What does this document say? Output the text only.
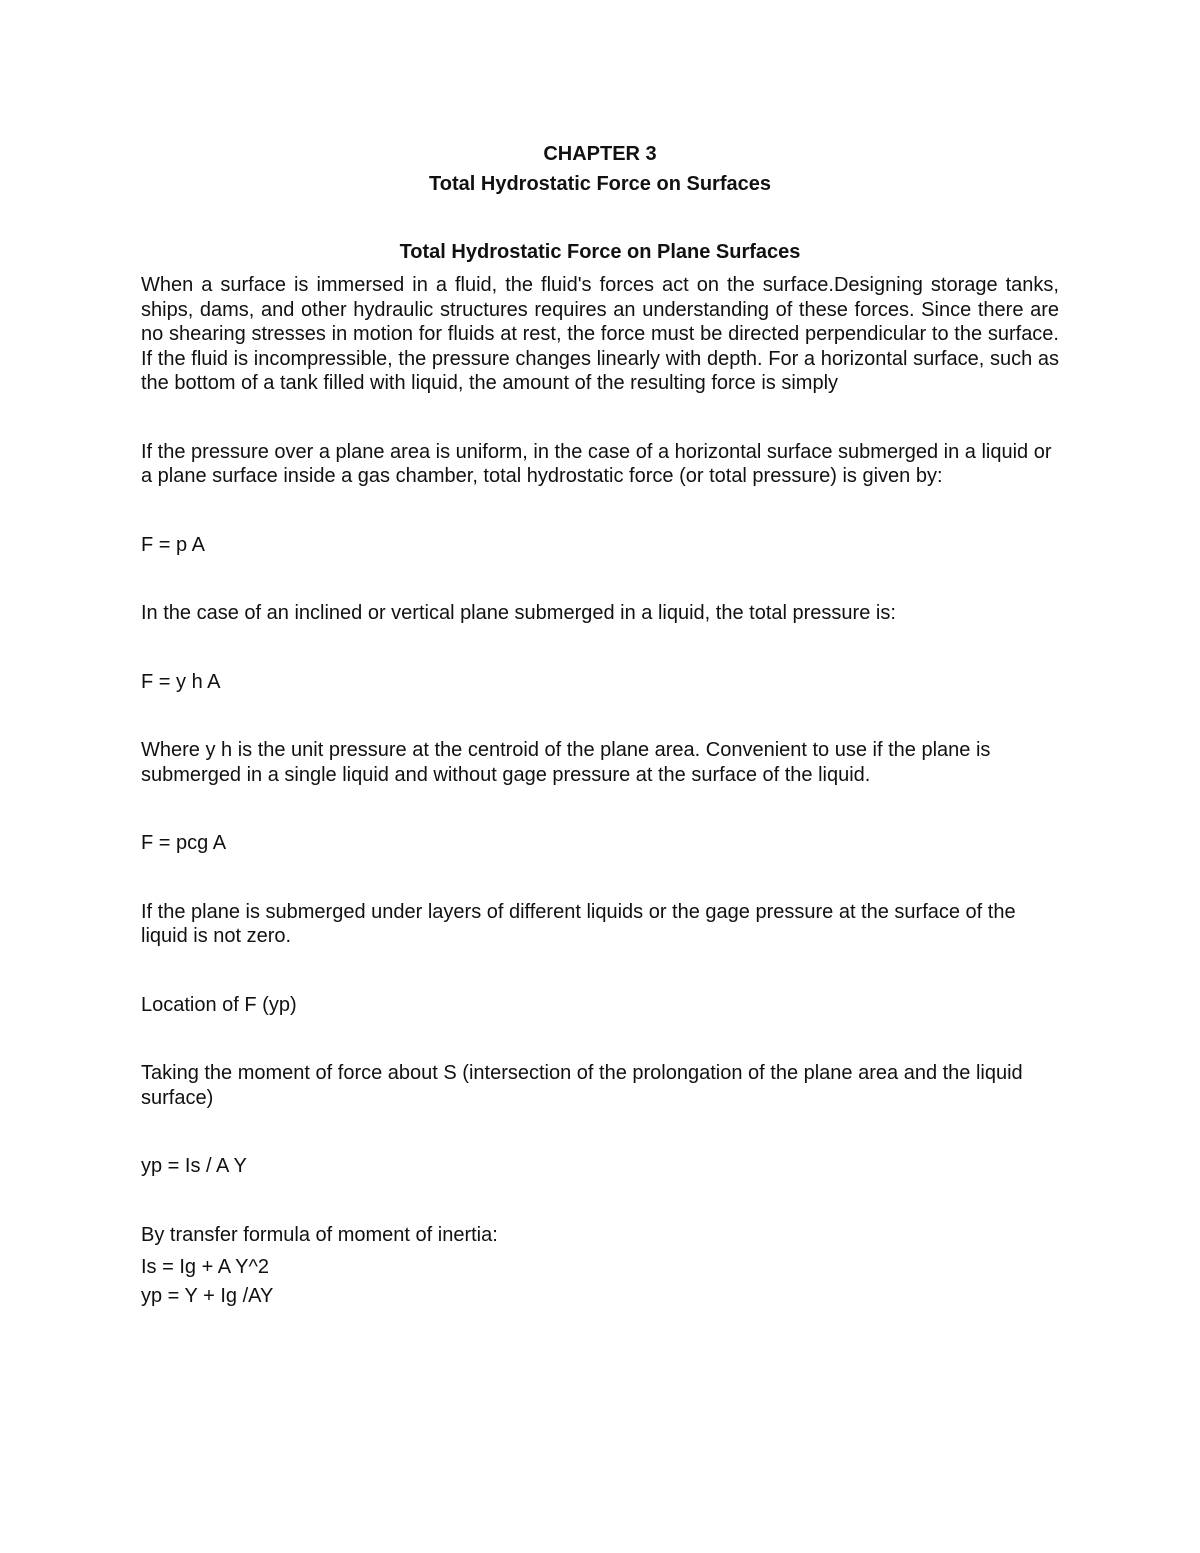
CHAPTER 3

Total Hydrostatic Force on Surfaces

Total Hydrostatic Force on Plane Surfaces

When a surface is immersed in a fluid, the fluid's forces act on the surface.Designing storage tanks, ships, dams, and other hydraulic structures requires an understanding of these forces. Since there are no shearing stresses in motion for fluids at rest, the force must be directed perpendicular to the surface. If the fluid is incompressible, the pressure changes linearly with depth. For a horizontal surface, such as the bottom of a tank filled with liquid, the amount of the resulting force is simply

If the pressure over a plane area is uniform, in the case of a horizontal surface submerged in a liquid or a plane surface inside a gas chamber, total hydrostatic force (or total pressure) is given by:

F = p A

In the case of an inclined or vertical plane submerged in a liquid, the total pressure is:

F = y h A

Where y h is the unit pressure at the centroid of the plane area. Convenient to use if the plane is submerged in a single liquid and without gage pressure at the surface of the liquid.

F = pcg A

If the plane is submerged under layers of different liquids or the gage pressure at the surface of the liquid is not zero.

Location of F (yp)

Taking the moment of force about S (intersection of the prolongation of the plane area and the liquid surface)

yp = Is / A Y

By transfer formula of moment of inertia:

Is = Ig + A Y^2

yp = Y + Ig /AY
